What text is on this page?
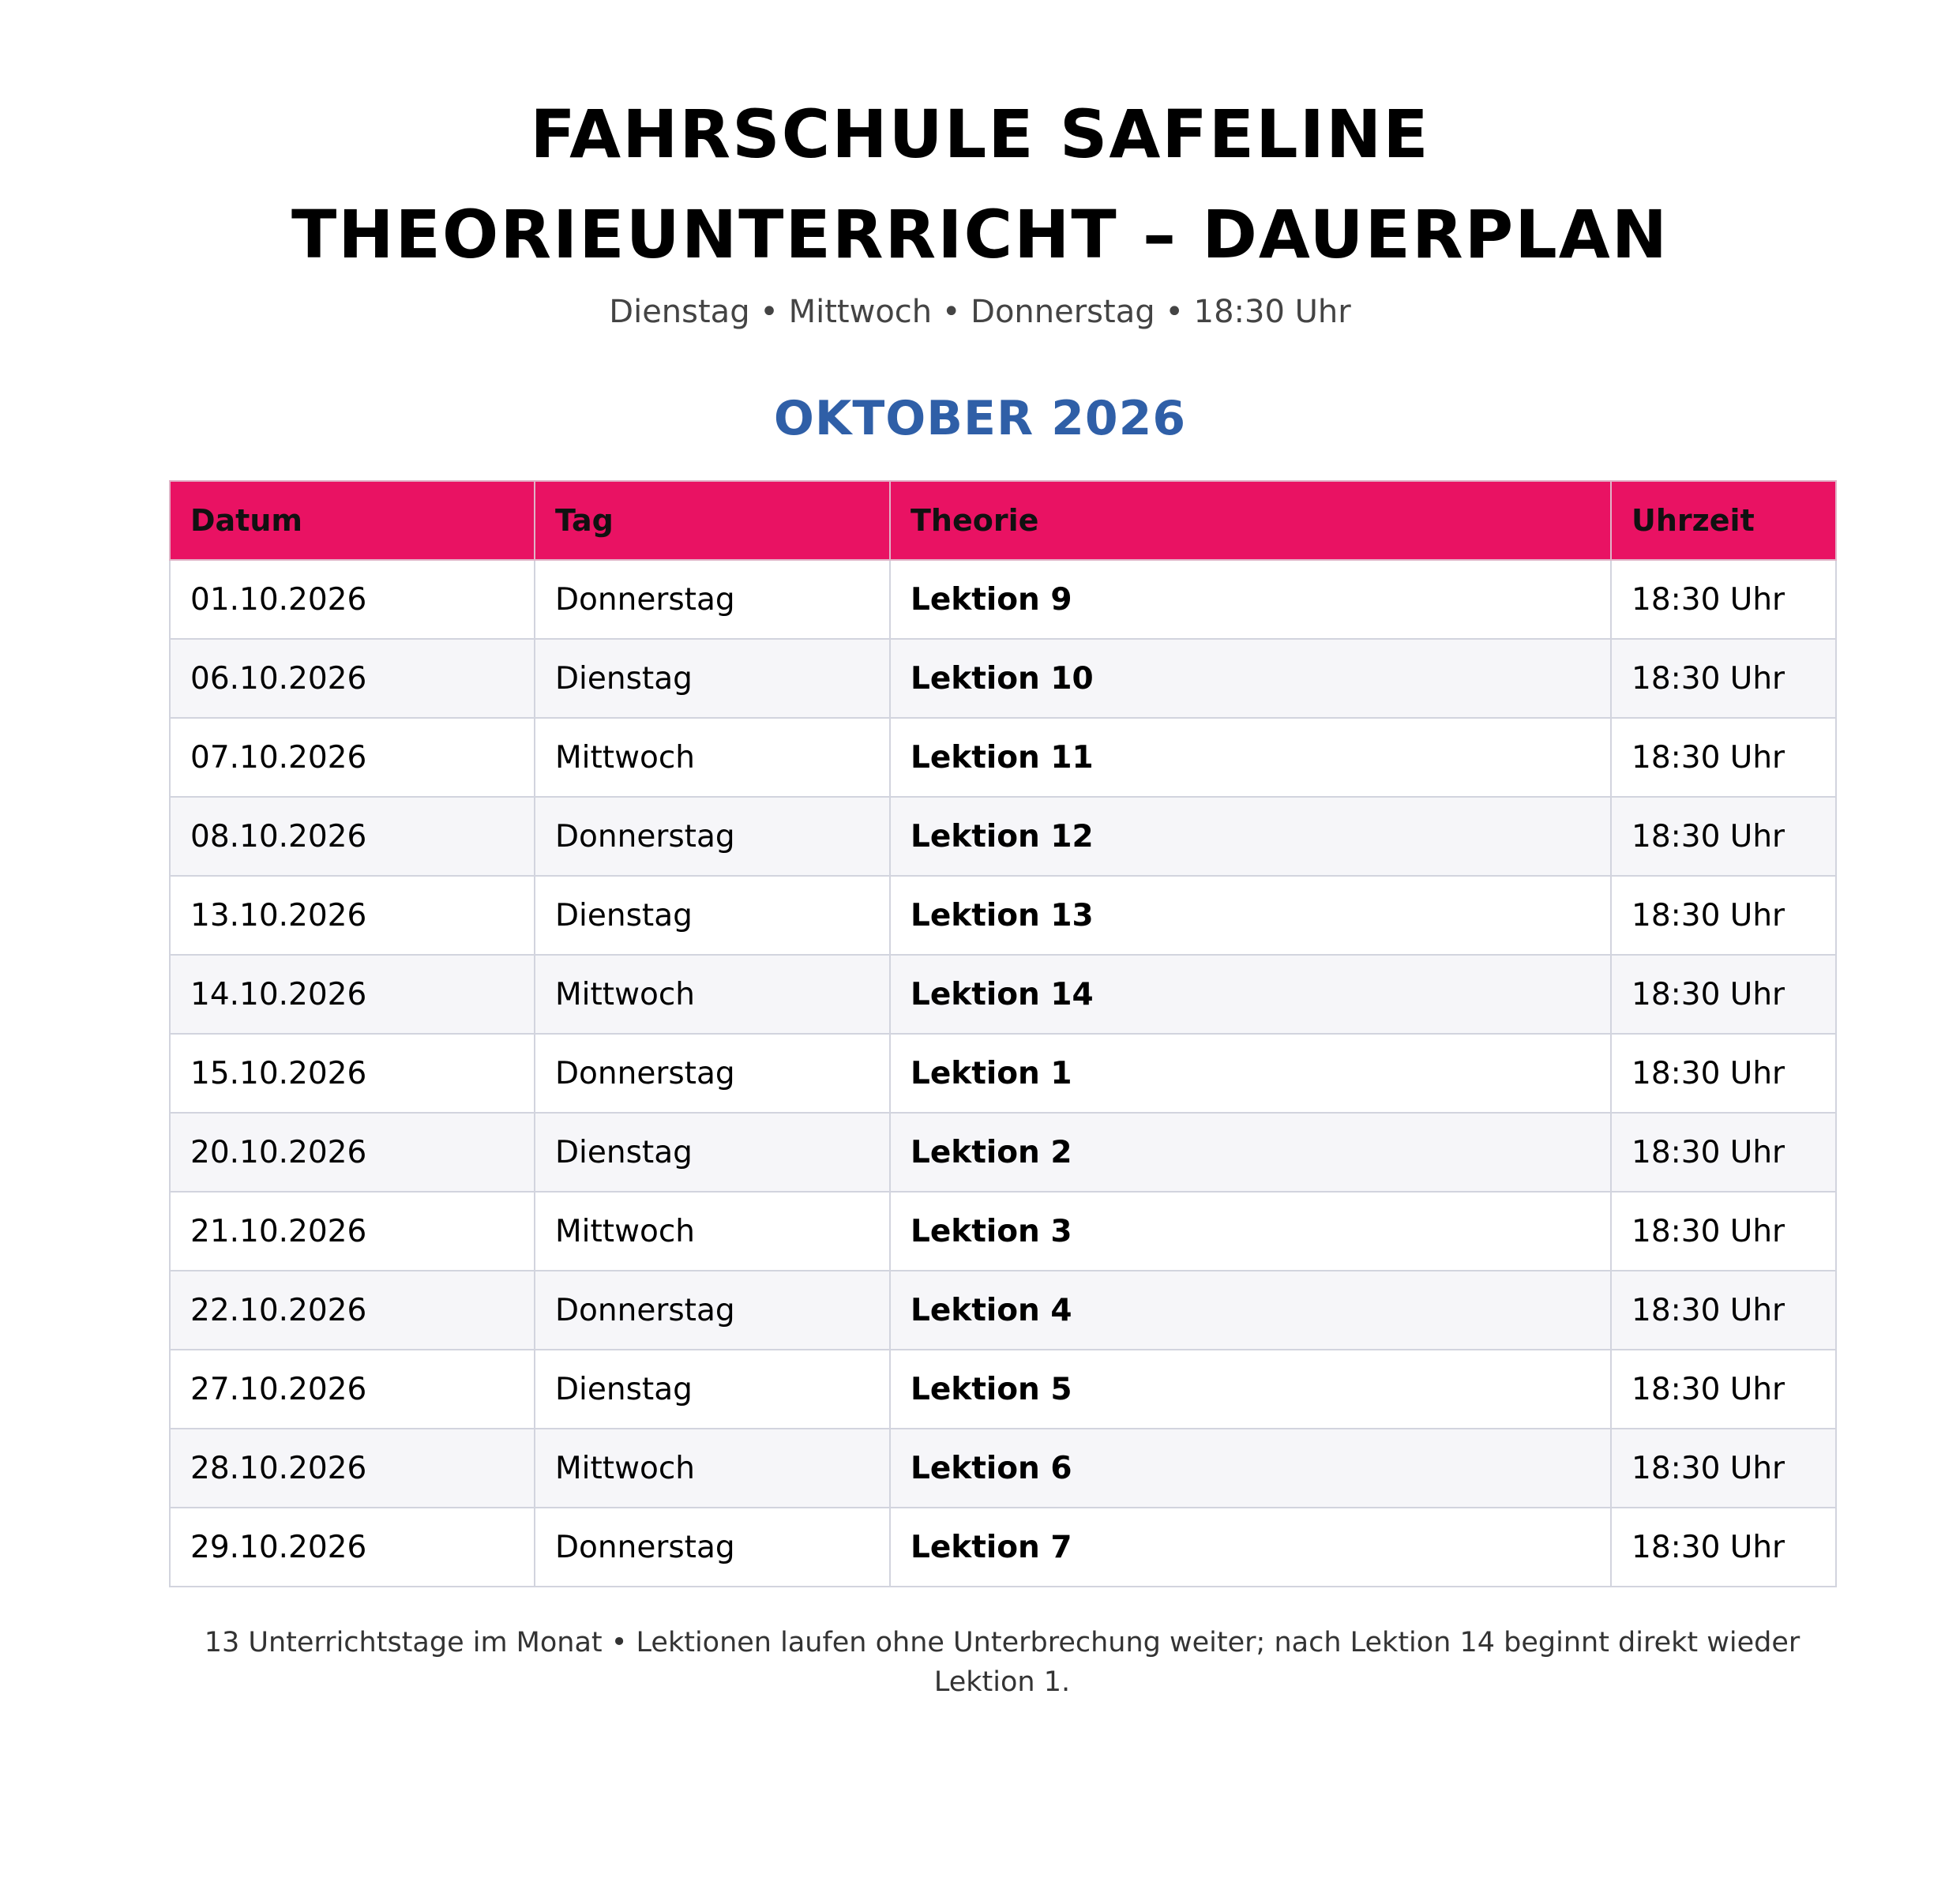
FAHRSCHULE SAFELINE
THEORIEUNTERRICHT – DAUERPLAN
Dienstag • Mittwoch • Donnerstag • 18:30 Uhr
OKTOBER 2026
Datum	Tag	Theorie	Uhrzeit
01.10.2026	Donnerstag	Lektion 9	18:30 Uhr
06.10.2026	Dienstag	Lektion 10	18:30 Uhr
07.10.2026	Mittwoch	Lektion 11	18:30 Uhr
08.10.2026	Donnerstag	Lektion 12	18:30 Uhr
13.10.2026	Dienstag	Lektion 13	18:30 Uhr
14.10.2026	Mittwoch	Lektion 14	18:30 Uhr
15.10.2026	Donnerstag	Lektion 1	18:30 Uhr
20.10.2026	Dienstag	Lektion 2	18:30 Uhr
21.10.2026	Mittwoch	Lektion 3	18:30 Uhr
22.10.2026	Donnerstag	Lektion 4	18:30 Uhr
27.10.2026	Dienstag	Lektion 5	18:30 Uhr
28.10.2026	Mittwoch	Lektion 6	18:30 Uhr
29.10.2026	Donnerstag	Lektion 7	18:30 Uhr
13 Unterrichtstage im Monat • Lektionen laufen ohne Unterbrechung weiter; nach Lektion 14 beginnt direkt wieder Lektion 1.
